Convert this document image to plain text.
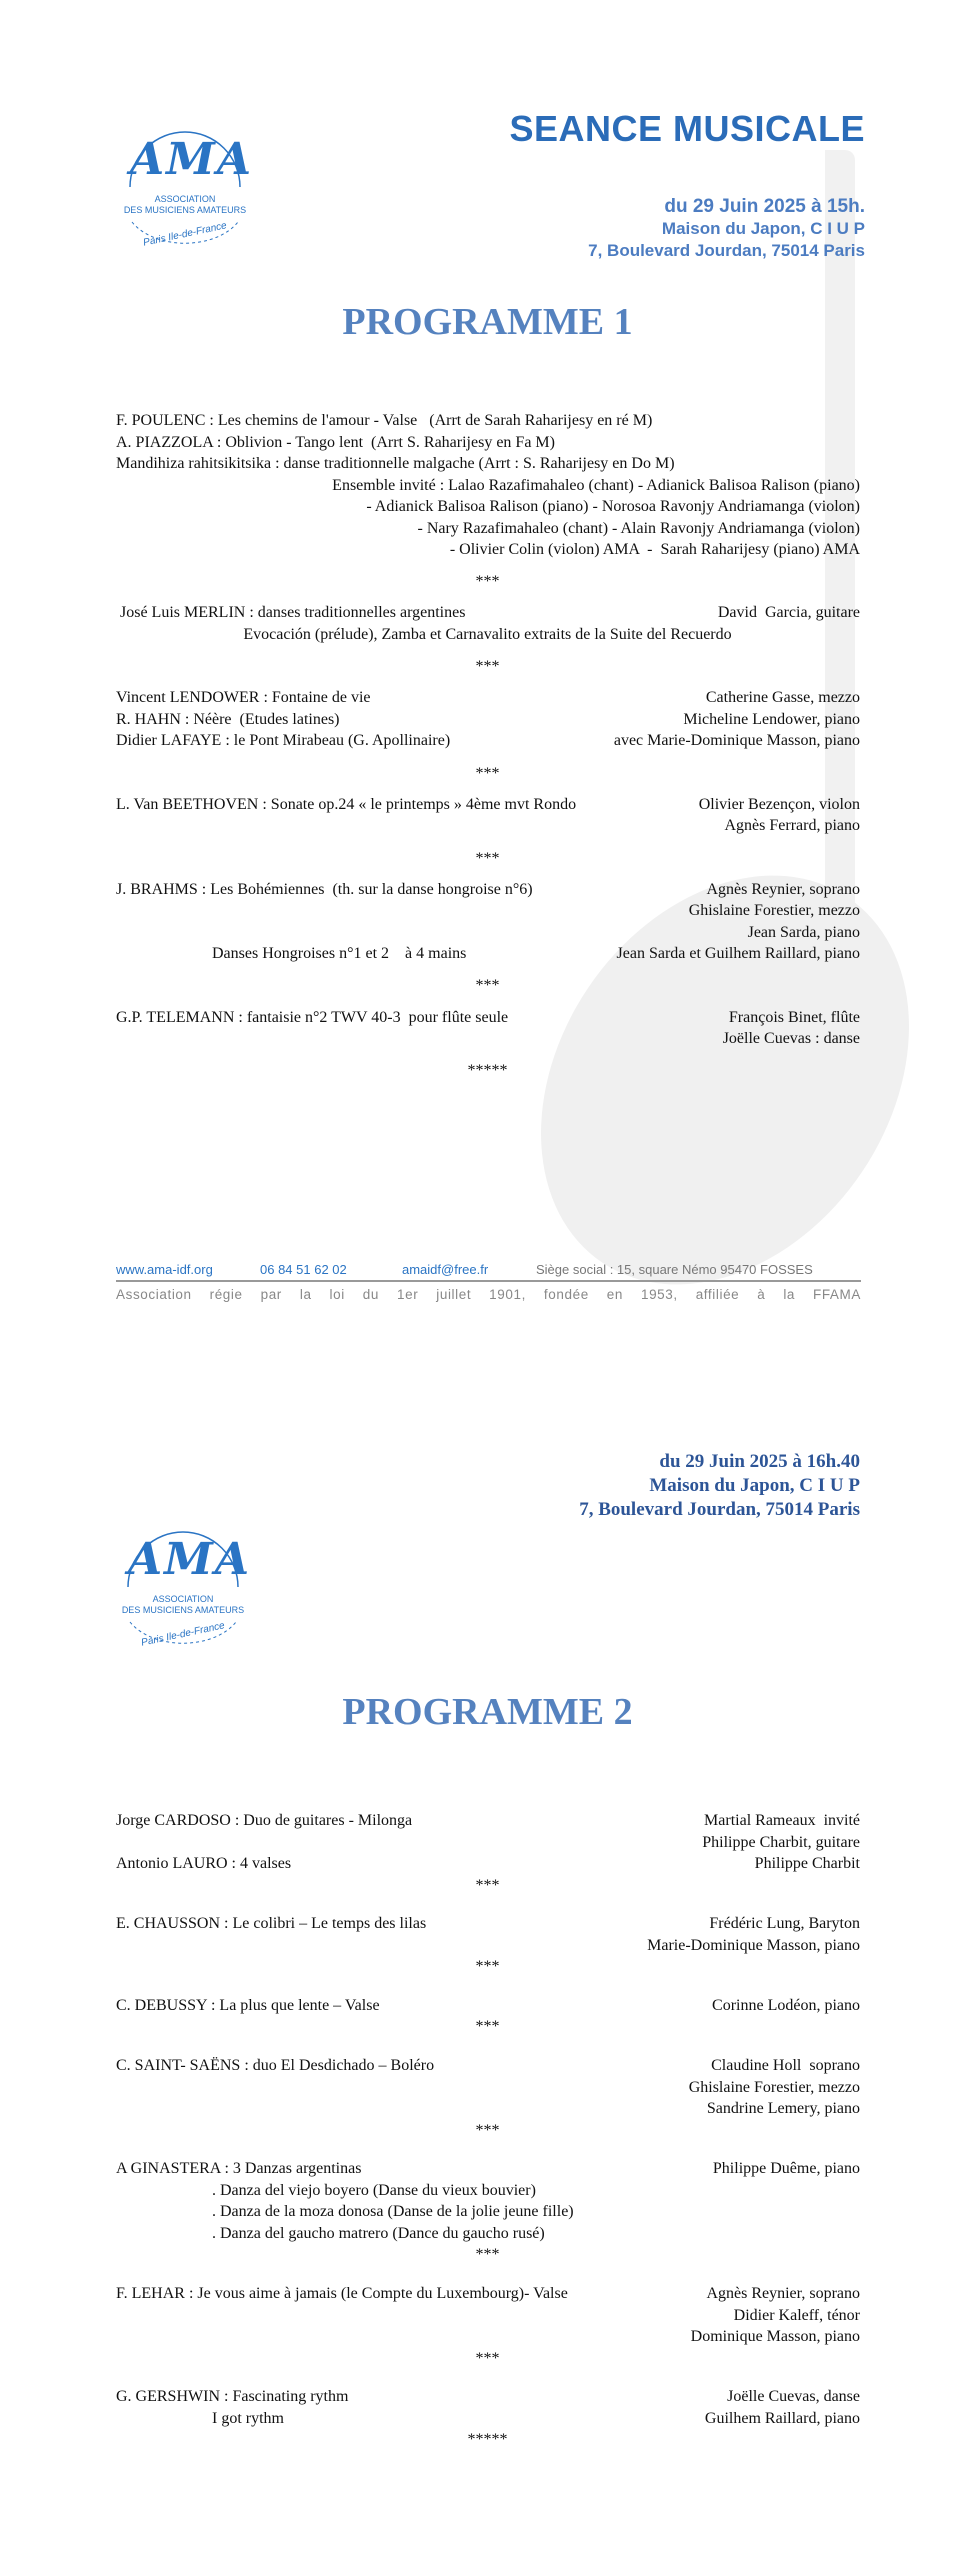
AMA
ASSOCIATION
DES MUSICIENS AMATEURS
Paris Ile-de-France
SEANCE MUSICALE
du 29 Juin 2025 à 15h.
Maison du Japon, C I U P
7, Boulevard Jourdan, 75014 Paris
PROGRAMME 1
F. POULENC : Les chemins de l'amour - Valse   (Arrt de Sarah Raharijesy en ré M)
A. PIAZZOLA : Oblivion - Tango lent  (Arrt S. Raharijesy en Fa M)
Mandihiza rahitsikitsika : danse traditionnelle malgache (Arrt : S. Raharijesy en Do M)
Ensemble invité : Lalao Razafimahaleo (chant) - Adianick Balisoa Ralison (piano)
- Adianick Balisoa Ralison (piano) - Norosoa Ravonjy Andriamanga (violon)
- Nary Razafimahaleo (chant) - Alain Ravonjy Andriamanga (violon)
- Olivier Colin (violon) AMA  -  Sarah Raharijesy (piano) AMA
***
José Luis MERLIN : danses traditionnelles argentines	David  Garcia, guitare
Evocación (prélude), Zamba et Carnavalito extraits de la Suite del Recuerdo
***
Vincent LENDOWER : Fontaine de vie	Catherine Gasse, mezzo
R. HAHN : Néère  (Etudes latines)	Micheline Lendower, piano
Didier LAFAYE : le Pont Mirabeau (G. Apollinaire)	avec Marie-Dominique Masson, piano
***
L. Van BEETHOVEN : Sonate op.24 « le printemps » 4ème mvt Rondo	Olivier Bezençon, violon
Agnès Ferrard, piano
***
J. BRAHMS : Les Bohémiennes  (th. sur la danse hongroise n°6)	Agnès Reynier, soprano
Ghislaine Forestier, mezzo
Jean Sarda, piano
Danses Hongroises n°1 et 2    à 4 mains	Jean Sarda et Guilhem Raillard, piano
***
G.P. TELEMANN : fantaisie n°2 TWV 40-3  pour flûte seule	François Binet, flûte
Joëlle Cuevas : danse
*****
www.ama-idf.org	06 84 51 62 02	amaidf@free.fr	Siège social : 15, square Némo 95470 FOSSES
Association régie par la loi du 1er juillet 1901, fondée en 1953, affiliée à la FFAMA
du 29 Juin 2025 à 16h.40
Maison du Japon, C I U P
7, Boulevard Jourdan, 75014 Paris
AMA
ASSOCIATION
DES MUSICIENS AMATEURS
Paris Ile-de-France
PROGRAMME 2
Jorge CARDOSO : Duo de guitares - Milonga	Martial Rameaux  invité
Philippe Charbit, guitare
Antonio LAURO : 4 valses	Philippe Charbit
***
E. CHAUSSON : Le colibri – Le temps des lilas	Frédéric Lung, Baryton
Marie-Dominique Masson, piano
***
C. DEBUSSY : La plus que lente – Valse	Corinne Lodéon, piano
***
C. SAINT- SAËNS : duo El Desdichado – Boléro	Claudine Holl  soprano
Ghislaine Forestier, mezzo
Sandrine Lemery, piano
***
A GINASTERA : 3 Danzas argentinas	Philippe Duême, piano
. Danza del viejo boyero (Danse du vieux bouvier)
. Danza de la moza donosa (Danse de la jolie jeune fille)
. Danza del gaucho matrero (Dance du gaucho rusé)
***
F. LEHAR : Je vous aime à jamais (le Compte du Luxembourg)- Valse	Agnès Reynier, soprano
Didier Kaleff, ténor
Dominique Masson, piano
***
G. GERSHWIN : Fascinating rythm	Joëlle Cuevas, danse
I got rythm	Guilhem Raillard, piano
*****
